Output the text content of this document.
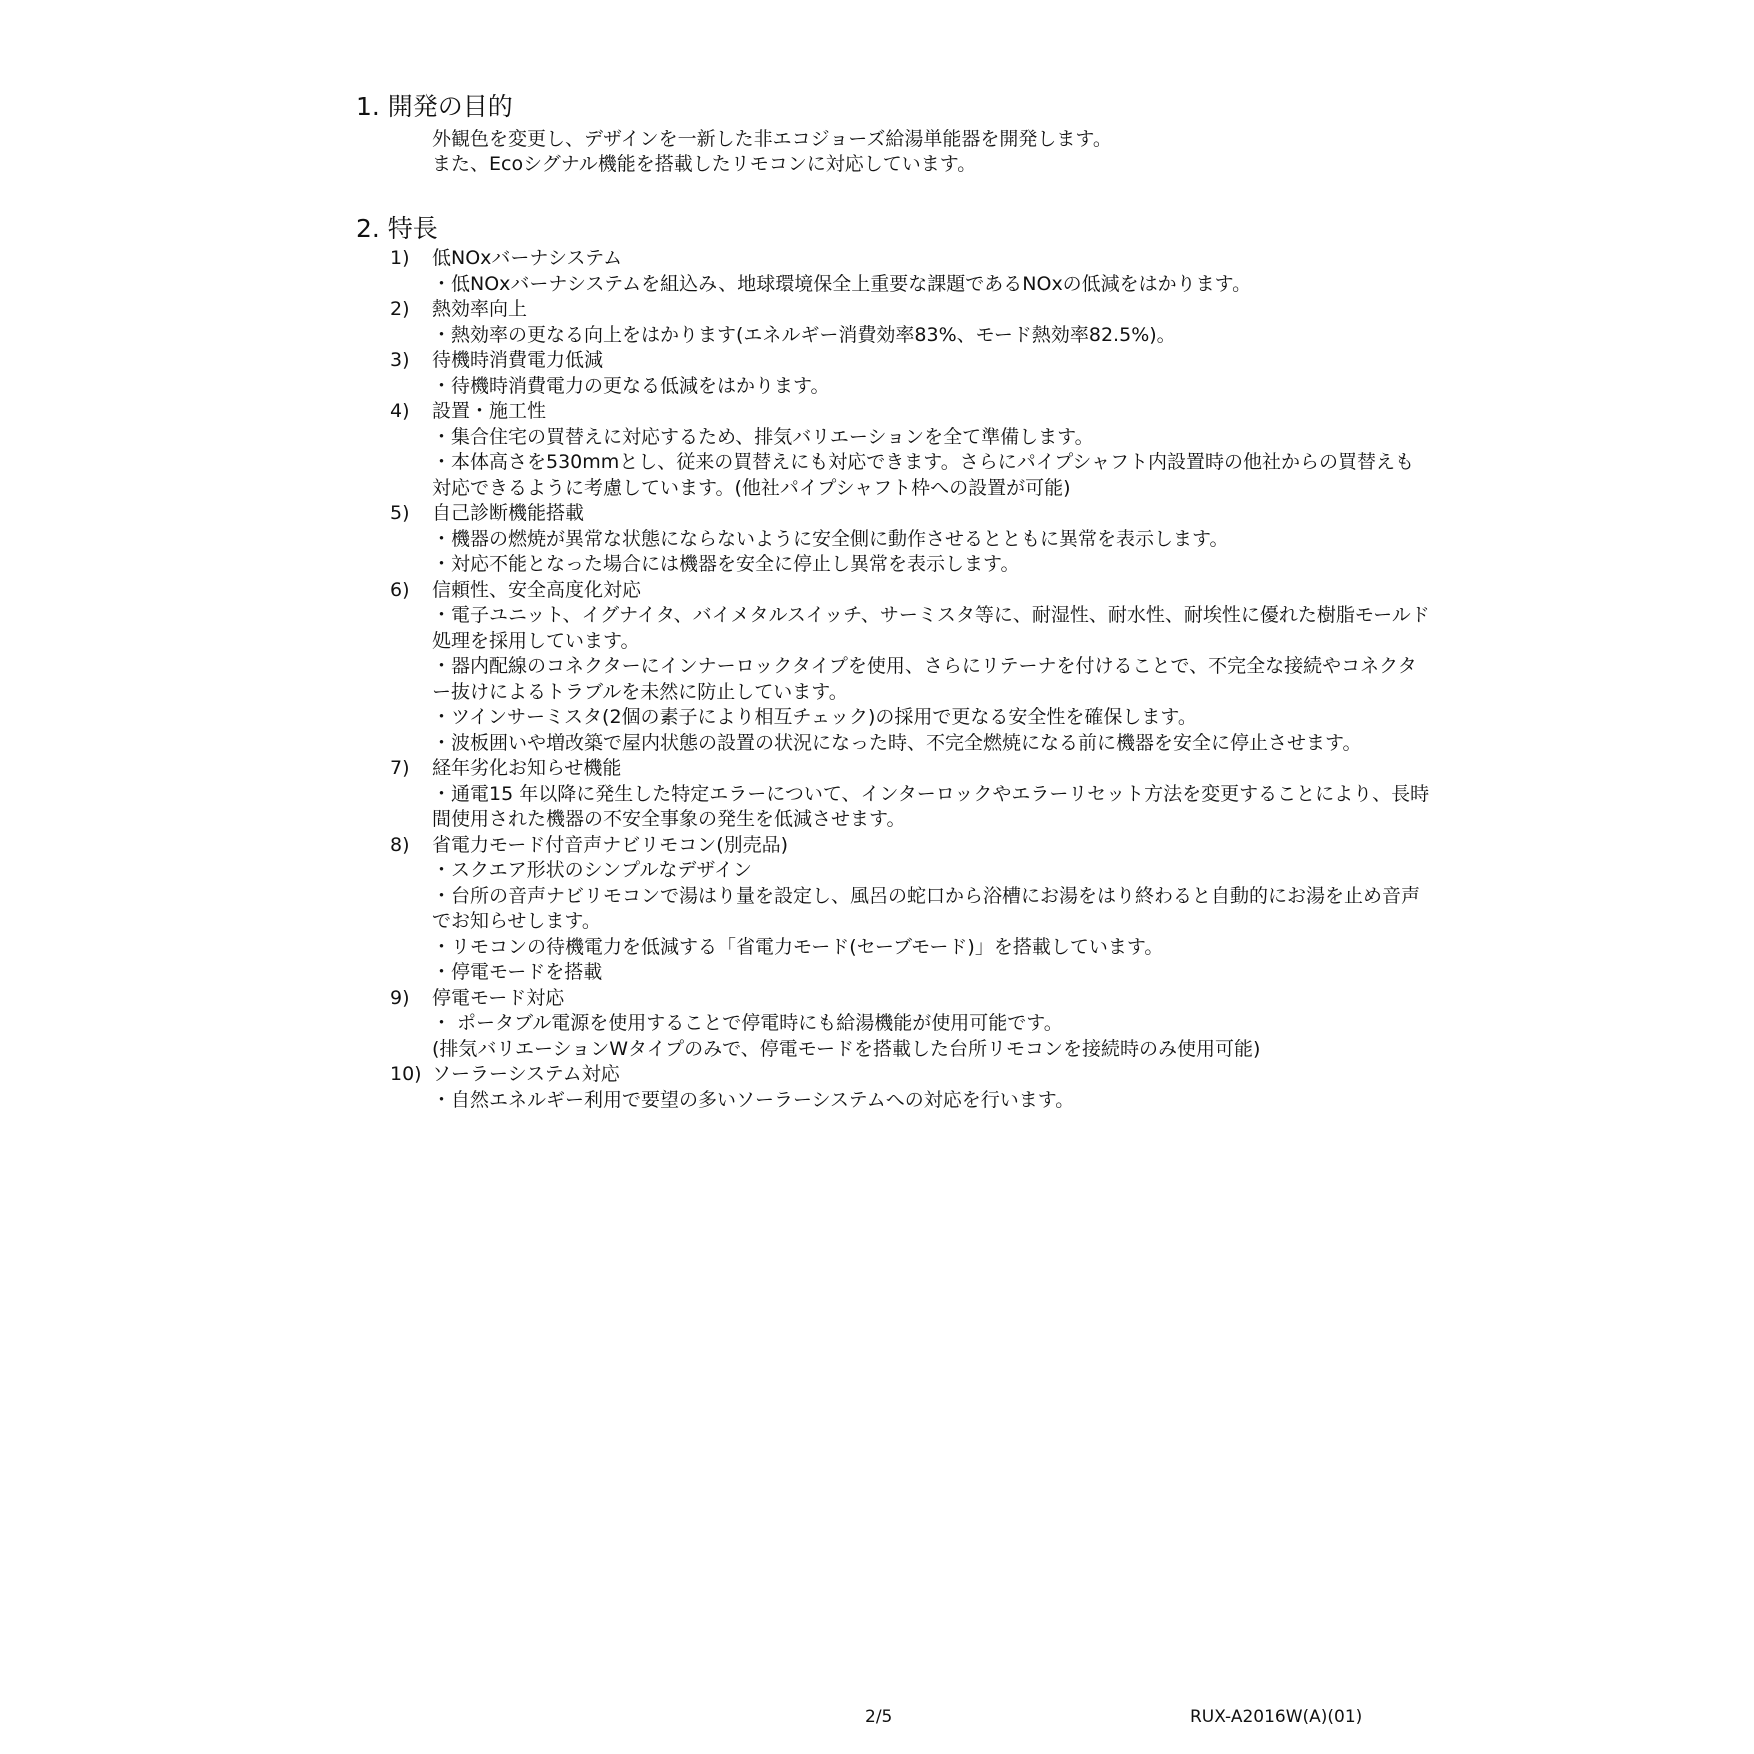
1. 開発の目的
外観色を変更し、デザインを一新した非エコジョーズ給湯単能器を開発します。
また、Ecoシグナル機能を搭載したリモコンに対応しています。
2. 特長
1)	低NOxバーナシステム

・低NOxバーナシステムを組込み、地球環境保全上重要な課題であるNOxの低減をはかります。

2)	熱効率向上

・熱効率の更なる向上をはかります(エネルギー消費効率83%、モード熱効率82.5%)。

3)	待機時消費電力低減

・待機時消費電力の更なる低減をはかります。

4)	設置・施工性

・集合住宅の買替えに対応するため、排気バリエーションを全て準備します。

・本体高さを530mmとし、従来の買替えにも対応できます。さらにパイプシャフト内設置時の他社からの買替えも対応できるように考慮しています。(他社パイプシャフト枠への設置が可能)

5)	自己診断機能搭載

・機器の燃焼が異常な状態にならないように安全側に動作させるとともに異常を表示します。

・対応不能となった場合には機器を安全に停止し異常を表示します。

6)	信頼性、安全高度化対応

・電子ユニット、イグナイタ、バイメタルスイッチ、サーミスタ等に、耐湿性、耐水性、耐埃性に優れた樹脂モールド処理を採用しています。

・器内配線のコネクターにインナーロックタイプを使用、さらにリテーナを付けることで、不完全な接続やコネクター抜けによるトラブルを未然に防止しています。

・ツインサーミスタ(2個の素子により相互チェック)の採用で更なる安全性を確保します。

・波板囲いや増改築で屋内状態の設置の状況になった時、不完全燃焼になる前に機器を安全に停止させます。

7)	経年劣化お知らせ機能

・通電15 年以降に発生した特定エラーについて、インターロックやエラーリセット方法を変更することにより、長時間使用された機器の不安全事象の発生を低減させます。

8)	省電力モード付音声ナビリモコン(別売品)

・スクエア形状のシンプルなデザイン

・台所の音声ナビリモコンで湯はり量を設定し、風呂の蛇口から浴槽にお湯をはり終わると自動的にお湯を止め音声でお知らせします。

・リモコンの待機電力を低減する「省電力モード(セーブモード)」を搭載しています。

・停電モードを搭載

9)	停電モード対応

・ ポータブル電源を使用することで停電時にも給湯機能が使用可能です。

(排気バリエーションWタイプのみで、停電モードを搭載した台所リモコンを接続時のみ使用可能)

10) ソーラーシステム対応

・自然エネルギー利用で要望の多いソーラーシステムへの対応を行います。

2/5	RUX-A2016W(A)(01)
